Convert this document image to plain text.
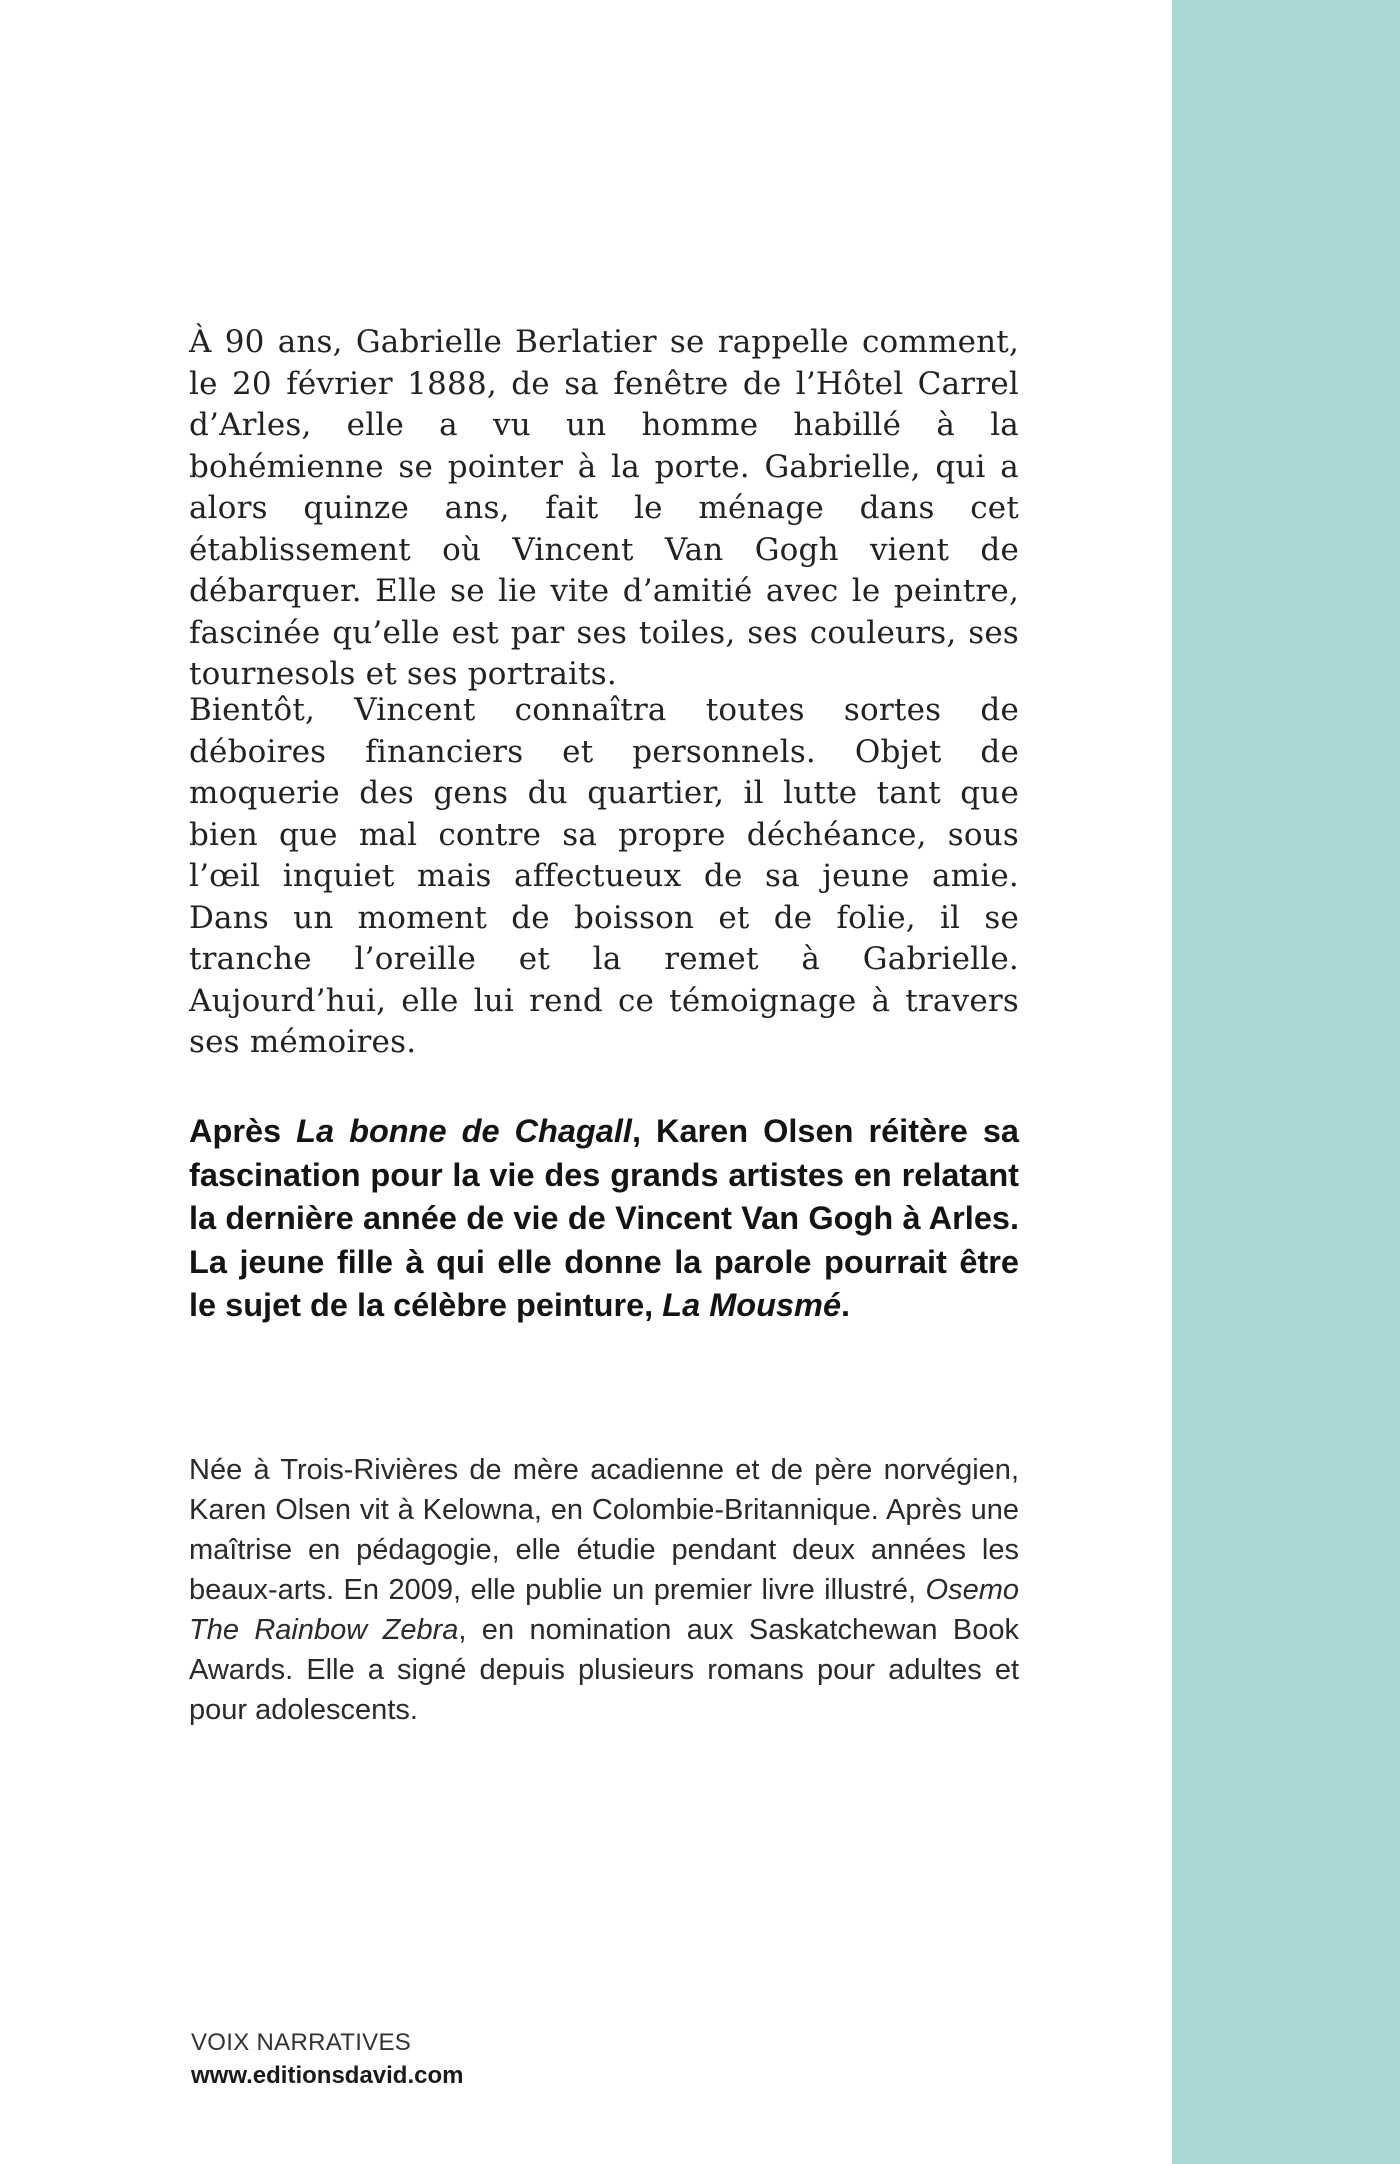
À 90 ans, Gabrielle Berlatier se rappelle comment, le 20 février 1888, de sa fenêtre de l’Hôtel Carrel d’Arles, elle a vu un homme habillé à la bohémienne se pointer à la porte. Gabrielle, qui a alors quinze ans, fait le ménage dans cet établissement où Vincent Van Gogh vient de débarquer. Elle se lie vite d’amitié avec le peintre, fascinée qu’elle est par ses toiles, ses couleurs, ses tournesols et ses portraits.

Bientôt, Vincent connaîtra toutes sortes de déboires financiers et personnels. Objet de moquerie des gens du quartier, il lutte tant que bien que mal contre sa propre déchéance, sous l’œil inquiet mais affectueux de sa jeune amie. Dans un moment de boisson et de folie, il se tranche l’oreille et la remet à Gabrielle. Aujourd’hui, elle lui rend ce témoignage à travers ses mémoires.

Après La bonne de Chagall, Karen Olsen réitère sa fascination pour la vie des grands artistes en relatant la dernière année de vie de Vincent Van Gogh à Arles. La jeune fille à qui elle donne la parole pourrait être le sujet de la célèbre peinture, La Mousmé.

Née à Trois-Rivières de mère acadienne et de père norvégien, Karen Olsen vit à Kelowna, en Colombie-Britannique. Après une maîtrise en pédagogie, elle étudie pendant deux années les beaux-arts. En 2009, elle publie un premier livre illustré, Osemo The Rainbow Zebra, en nomination aux Saskatchewan Book Awards. Elle a signé depuis plusieurs romans pour adultes et pour adolescents.

VOIX NARRATIVES
www.editionsdavid.com
